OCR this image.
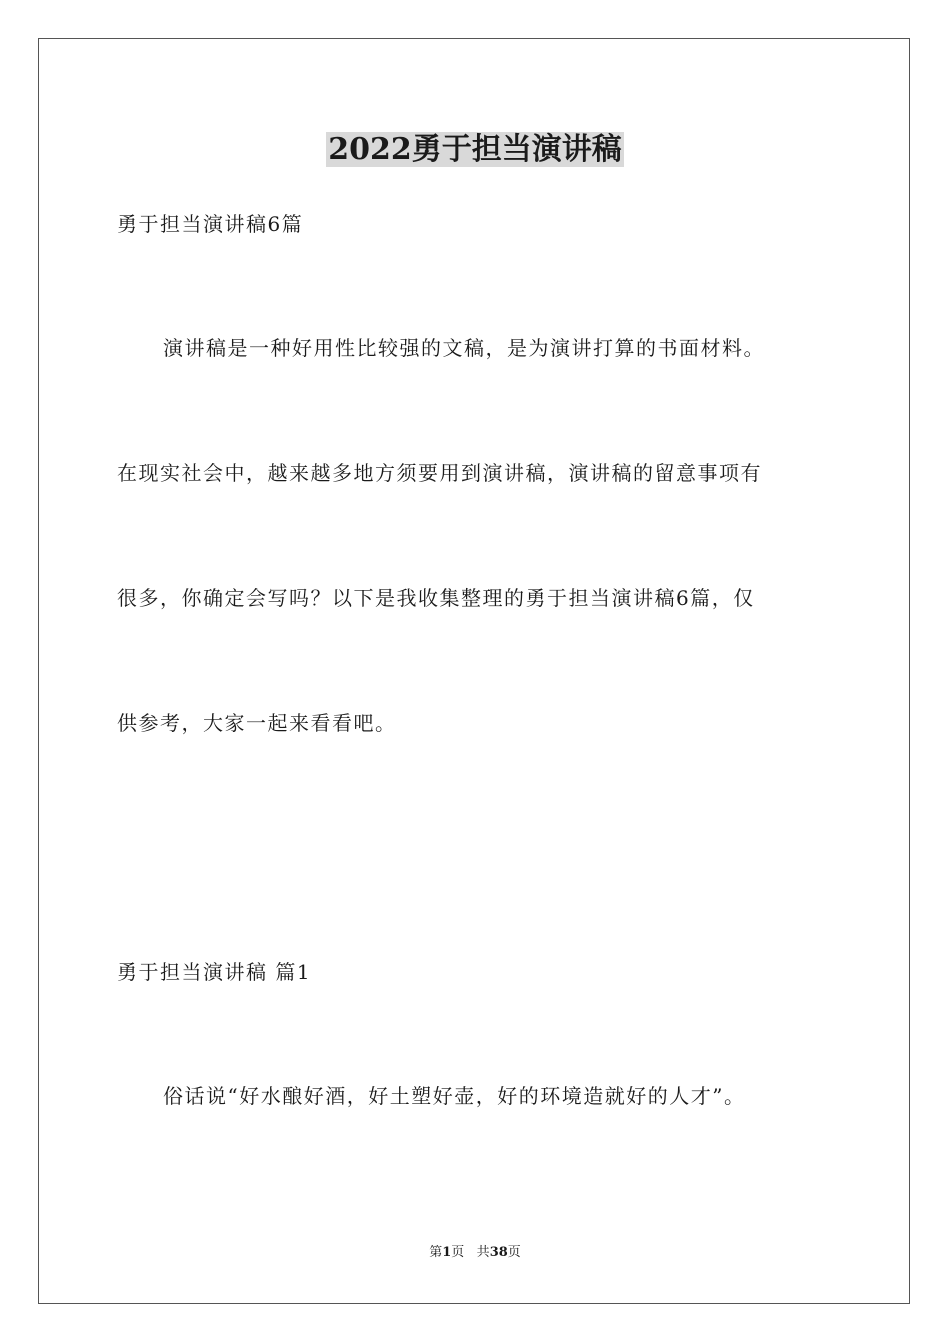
2022勇于担当演讲稿
勇于担当演讲稿6篇
演讲稿是一种好用性比较强的文稿，是为演讲打算的书面材料。
在现实社会中，越来越多地方须要用到演讲稿，演讲稿的留意事项有
很多，你确定会写吗？以下是我收集整理的勇于担当演讲稿6篇，仅
供参考，大家一起来看看吧。
勇于担当演讲稿 篇1
俗话说“好水酿好酒，好土塑好壶，好的环境造就好的人才”。
第1页 共38页
